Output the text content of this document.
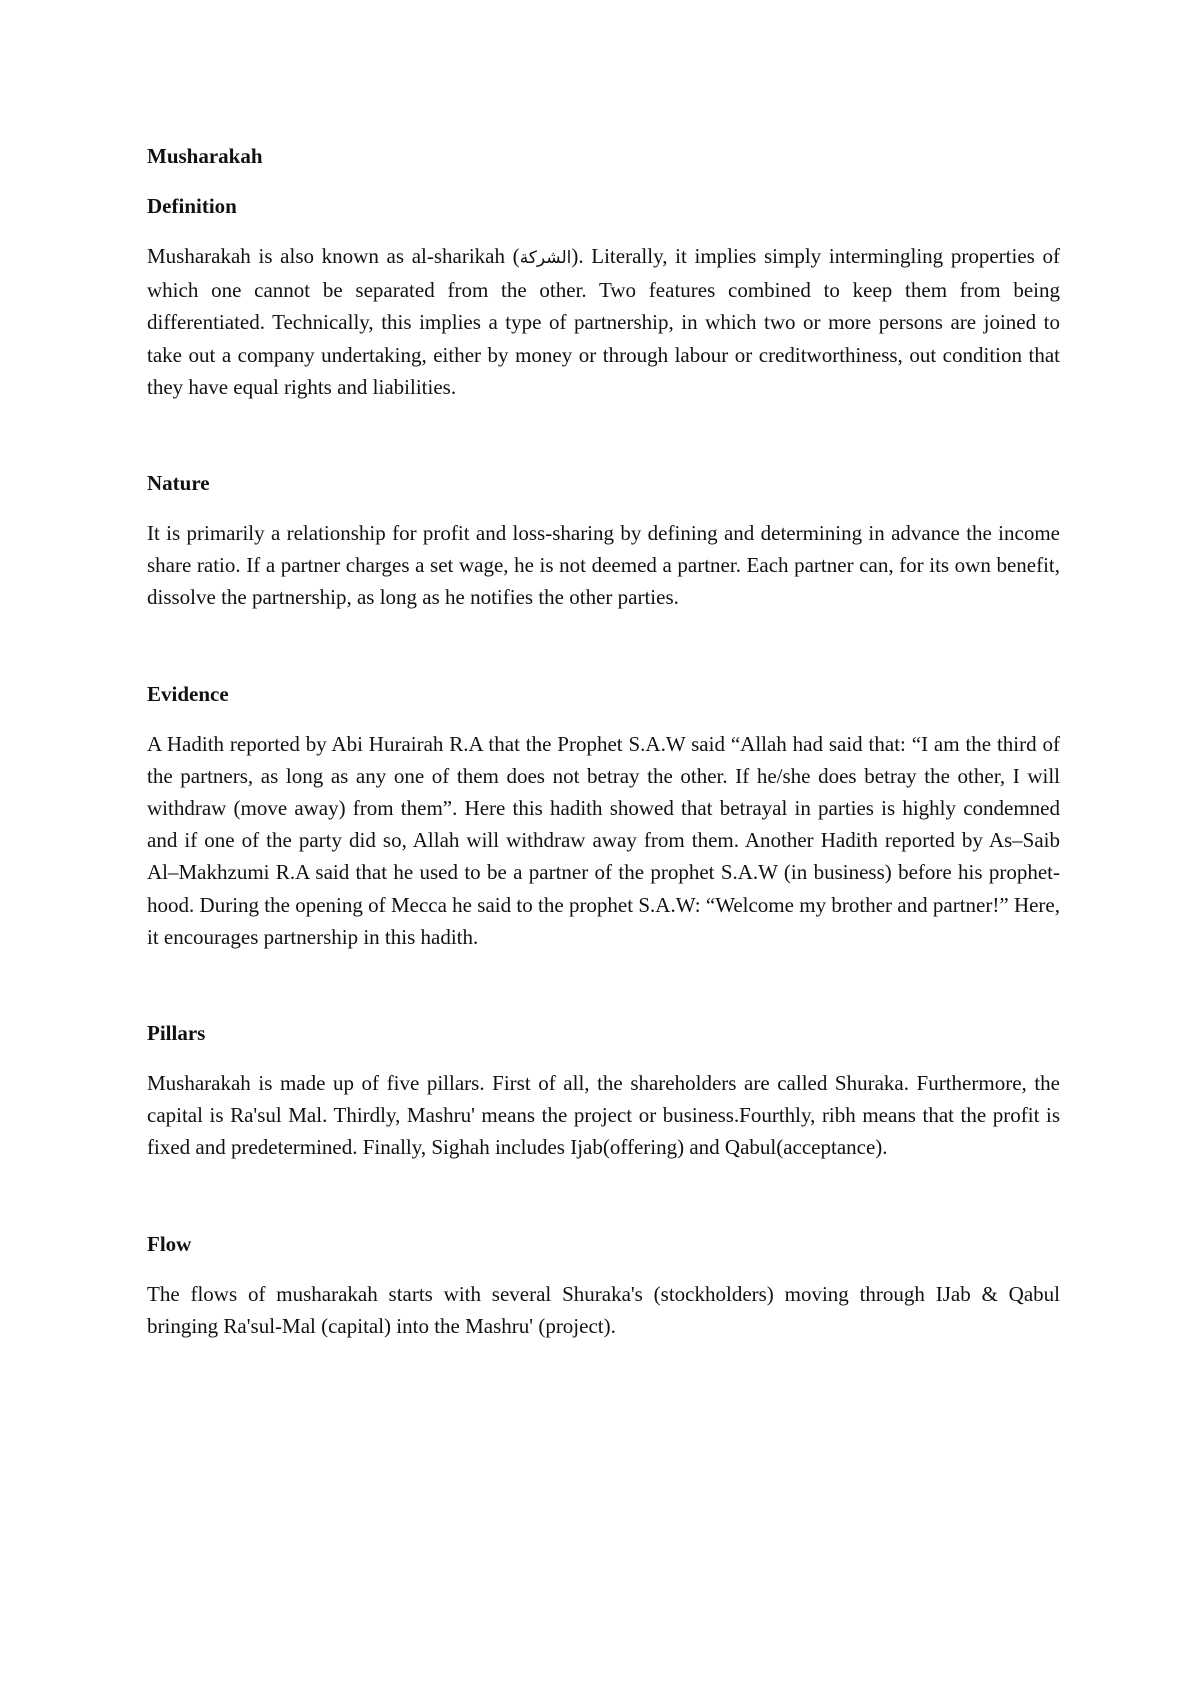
Musharakah
Definition

Musharakah is also known as al-sharikah (الشركة). Literally, it implies simply intermingling properties of which one cannot be separated from the other. Two features combined to keep them from being differentiated. Technically, this implies a type of partnership, in which two or more persons are joined to take out a company undertaking, either by money or through labour or creditworthiness, out condition that they have equal rights and liabilities.

Nature

It is primarily a relationship for profit and loss-sharing by defining and determining in advance the income share ratio. If a partner charges a set wage, he is not deemed a partner. Each partner can, for its own benefit, dissolve the partnership, as long as he notifies the other parties.

Evidence

A Hadith reported by Abi Hurairah R.A that the Prophet S.A.W said “Allah had said that: “I am the third of the partners, as long as any one of them does not betray the other. If he/she does betray the other, I will withdraw (move away) from them”. Here this hadith showed that betrayal in parties is highly condemned and if one of the party did so, Allah will withdraw away from them. Another Hadith reported by As–Saib Al–Makhzumi R.A said that he used to be a partner of the prophet S.A.W (in business) before his prophet-hood. During the opening of Mecca he said to the prophet S.A.W: “Welcome my brother and partner!” Here, it encourages partnership in this hadith.

Pillars

Musharakah is made up of five pillars. First of all, the shareholders are called Shuraka. Furthermore, the capital is Ra'sul Mal. Thirdly, Mashru' means the project or business.Fourthly, ribh means that the profit is fixed and predetermined. Finally, Sighah includes Ijab(offering) and Qabul(acceptance).

Flow

The flows of musharakah starts with several Shuraka's (stockholders) moving through IJab & Qabul bringing Ra'sul-Mal (capital) into the Mashru' (project).
